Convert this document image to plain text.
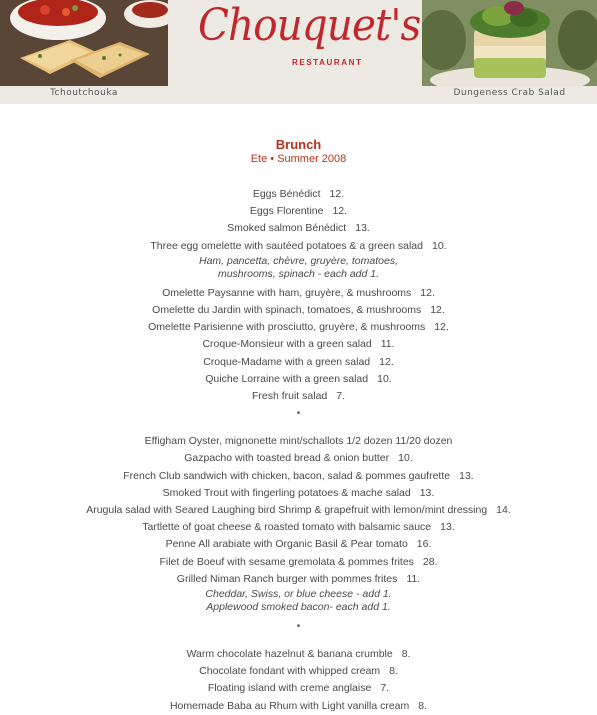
Chouquet's
RESTAURANT
Tchoutchouka	Dungeness Crab Salad
Brunch
Ete • Summer 2008
Eggs Bénédict 12.
Eggs Florentine 12.
Smoked salmon Bénédict 13.
Three egg omelette with sautéed potatoes & a green salad 10.
Ham, pancetta, chèvre, gruyère, tomatoes,
mushrooms, spinach - each add 1.
Omelette Paysanne with ham, gruyère, & mushrooms 12.
Omelette du Jardin with spinach, tomatoes, & mushrooms 12.
Omelette Parisienne with prosciutto, gruyère, & mushrooms 12.
Croque-Monsieur with a green salad 11.
Croque-Madame with a green salad 12.
Quiche Lorraine with a green salad 10.
Fresh fruit salad 7.
•
Effigham Oyster, mignonette mint/schallots 1/2 dozen 11/20 dozen
Gazpacho with toasted bread & onion butter 10.
French Club sandwich with chicken, bacon, salad & pommes gaufrette 13.
Smoked Trout with fingerling potatoes & mache salad 13.
Arugula salad with Seared Laughing bird Shrimp & grapefruit with lemon/mint dressing 14.
Tartlette of goat cheese & roasted tomato with balsamic sauce 13.
Penne All arabiate with Organic Basil & Pear tomato 16.
Filet de Boeuf with sesame gremolata & pommes frites 28.
Grilled Niman Ranch burger with pommes frites 11.
Cheddar, Swiss, or blue cheese - add 1.
Applewood smoked bacon- each add 1.
•
Warm chocolate hazelnut & banana crumble 8.
Chocolate fondant with whipped cream 8.
Floating island with creme anglaise 7.
Homemade Baba au Rhum with Light vanilla cream 8.
